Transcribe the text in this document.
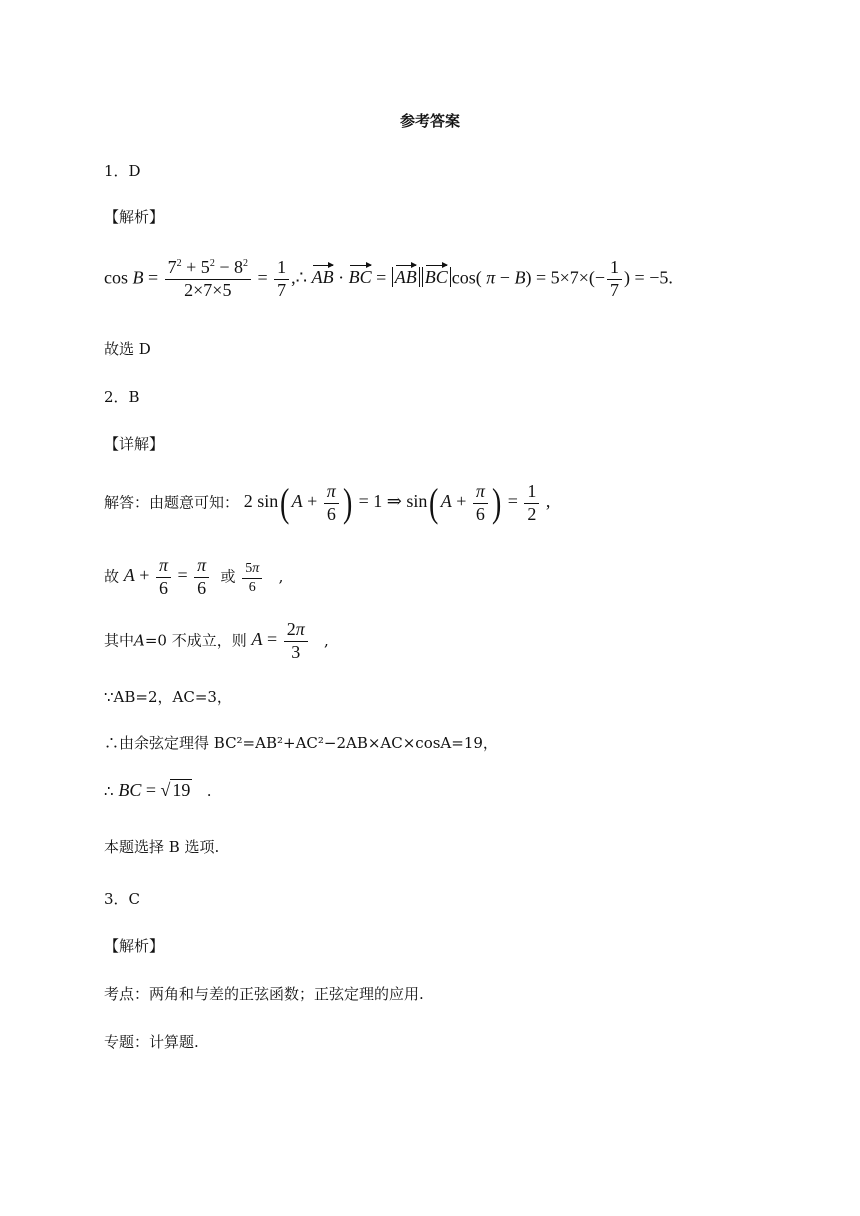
参考答案
1．D
【解析】
$\cos B = \frac{7^2 + 5^2 - 8^2}{2\times 7\times 5} = \frac{1}{7}$ ,∴ AB · BC = AB BC cos( $\pi - B) = 5\times 7\times(- \frac{1}{7}$ ) = −5.
故选 D
2．B
【详解】
解答：由题意可知： 2 sin( $A + \frac{\pi}{6}$ ) = 1 ⇒ sin( $A + \frac{\pi}{6}$ ) = $\frac{1}{2}$ ,
故 $A + \frac{\pi}{6} = \frac{\pi}{6}$ 或 $\frac{5\pi}{6}$ ,
其中A=0 不成立，则 $A = \frac{2\pi}{3}$ ,
∵AB=2，AC=3，
∴由余弦定理得 BC²=AB²+AC²−2AB×AC×cosA=19，
∴ BC = √ 19   .
本题选择 B 选项.
3．C
【解析】
考点：两角和与差的正弦函数；正弦定理的应用.
专题：计算题.
